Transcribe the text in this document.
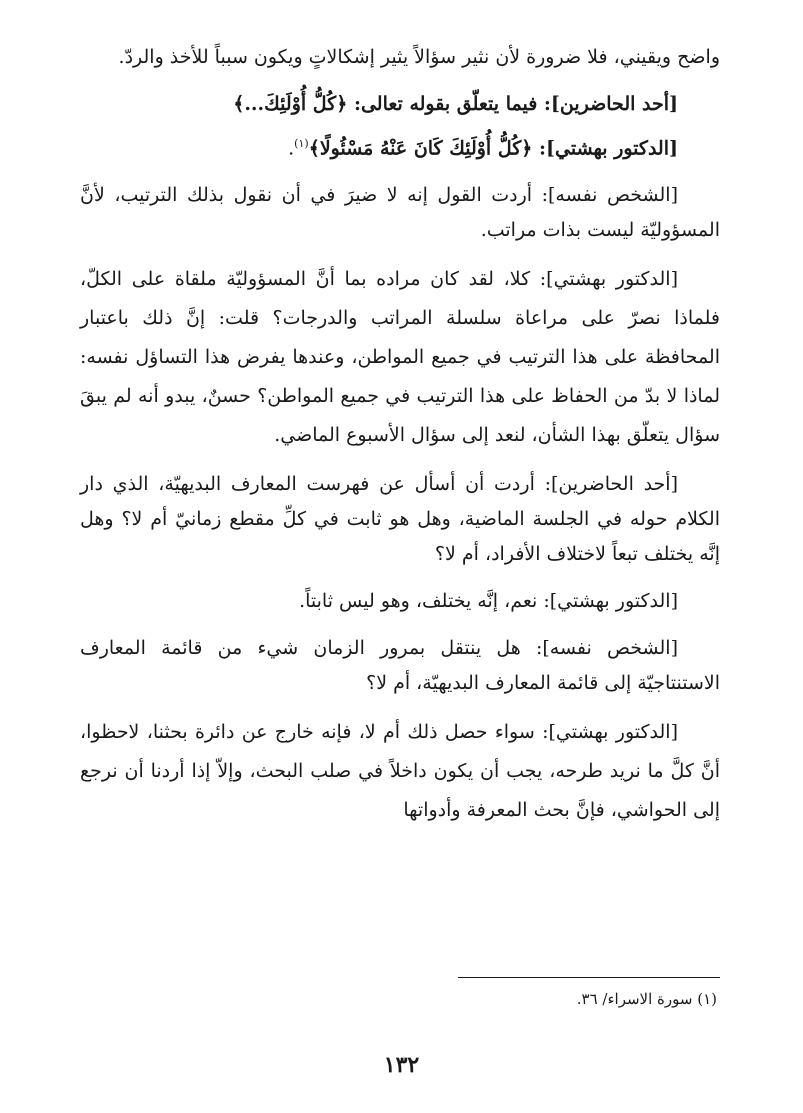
واضح ويقيني، فلا ضرورة لأن نثير سؤالاً يثير إشكالاتٍ ويكون سبباً للأخذ والردّ.

[أحد الحاضرين]: فيما يتعلّق بقوله تعالى: ﴿كُلُّ أُوْلَئِكَ...﴾

[الدكتور بهشتي]: ﴿كُلُّ أُوْلَئِكَ كَانَ عَنْهُ مَسْئُولًا﴾$^{(١)}$.

[الشخص نفسه]: أردت القول إنه لا ضيرَ في أن نقول بذلك الترتيب، لأنَّ المسؤوليّة ليست بذات مراتب.

[الدكتور بهشتي]: كلا، لقد كان مراده بما أنَّ المسؤوليّة ملقاة على الكلّ، فلماذا نصرّ على مراعاة سلسلة المراتب والدرجات؟ قلت: إنَّ ذلك باعتبار المحافظة على هذا الترتيب في جميع المواطن، وعندها يفرض هذا التساؤل نفسه: لماذا لا بدّ من الحفاظ على هذا الترتيب في جميع المواطن؟ حسنٌ، يبدو أنه لم يبقَ سؤال يتعلّق بهذا الشأن، لنعد إلى سؤال الأسبوع الماضي.

[أحد الحاضرين]: أردت أن أسأل عن فهرست المعارف البديهيّة، الذي دار الكلام حوله في الجلسة الماضية، وهل هو ثابت في كلِّ مقطع زمانيّ أم لا؟ وهل إنَّه يختلف تبعاً لاختلاف الأفراد، أم لا؟

[الدكتور بهشتي]: نعم، إنَّه يختلف، وهو ليس ثابتاً.

[الشخص نفسه]: هل ينتقل بمرور الزمان شيء من قائمة المعارف الاستنتاجيّة إلى قائمة المعارف البديهيّة، أم لا؟

[الدكتور بهشتي]: سواء حصل ذلك أم لا، فإنه خارج عن دائرة بحثنا، لاحظوا، أنَّ كلَّ ما نريد طرحه، يجب أن يكون داخلاً في صلب البحث، وإلاّ إذا أردنا أن نرجع إلى الحواشي، فإنَّ بحث المعرفة وأدواتها

(١) سورة الاسراء/ ٣٦.
١٣٢
